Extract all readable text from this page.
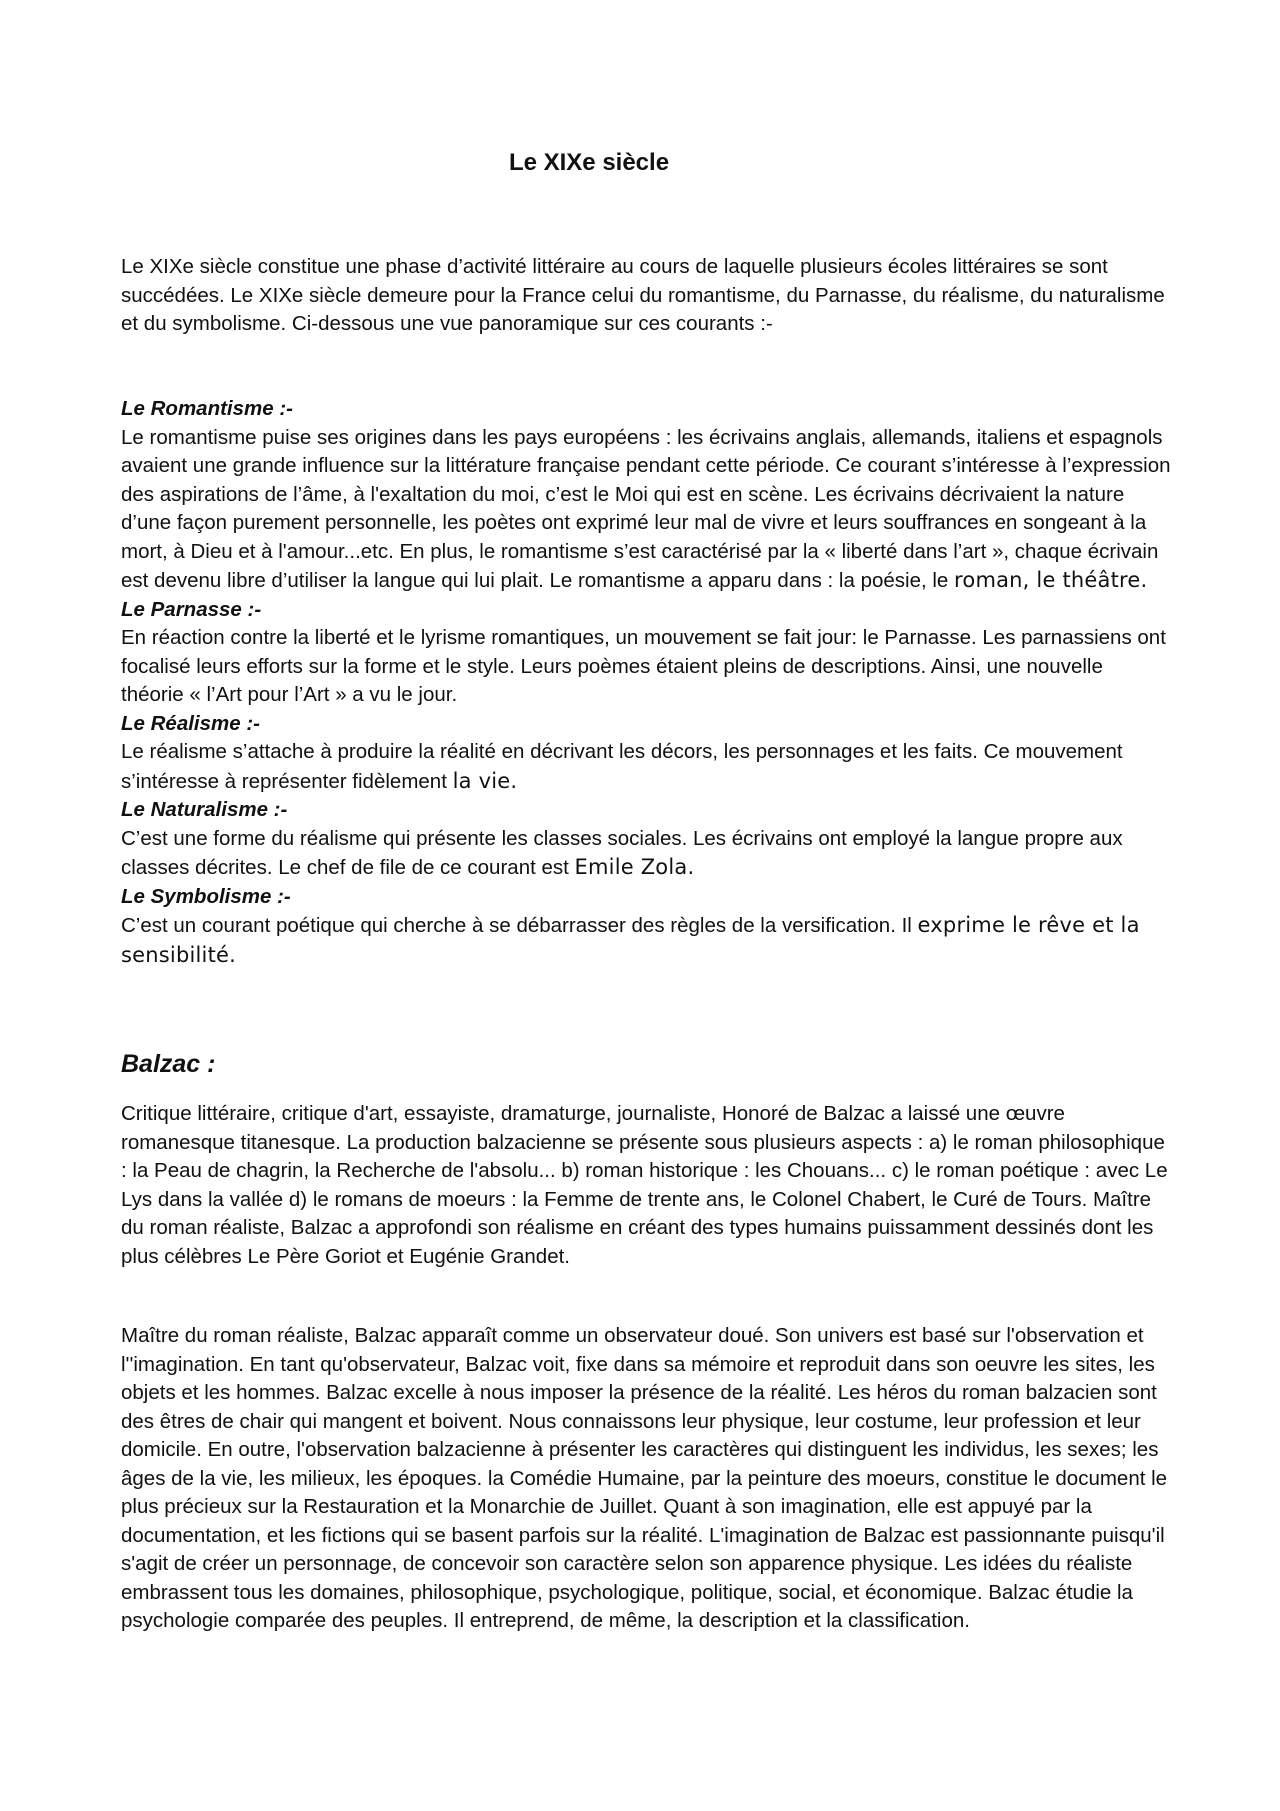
Le XIXe siècle

Le XIXe siècle constitue une phase d’activité littéraire au cours de laquelle plusieurs écoles littéraires se sont succédées. Le XIXe siècle demeure pour la France celui du romantisme, du Parnasse, du réalisme, du naturalisme et du symbolisme. Ci-dessous une vue panoramique sur ces courants :-

Le Romantisme :-
Le romantisme puise ses origines dans les pays européens : les écrivains anglais, allemands, italiens et espagnols avaient une grande influence sur la littérature française pendant cette période. Ce courant s’intéresse à l’expression des aspirations de l’âme, à l'exaltation du moi, c’est le Moi qui est en scène. Les écrivains décrivaient la nature d’une façon purement personnelle, les poètes ont exprimé leur mal de vivre et leurs souffrances en songeant à la mort, à Dieu et à l'amour...etc. En plus, le romantisme s’est caractérisé par la « liberté dans l’art », chaque écrivain est devenu libre d’utiliser la langue qui lui plait. Le romantisme a apparu dans : la poésie, le roman, le théâtre.
Le Parnasse :-
En réaction contre la liberté et le lyrisme romantiques, un mouvement se fait jour: le Parnasse. Les parnassiens ont focalisé leurs efforts sur la forme et le style. Leurs poèmes étaient pleins de descriptions. Ainsi, une nouvelle théorie « l’Art pour l’Art » a vu le jour.
Le Réalisme :-
Le réalisme s’attache à produire la réalité en décrivant les décors, les personnages et les faits. Ce mouvement s’intéresse à représenter fidèlement la vie.
Le Naturalisme :-
C’est une forme du réalisme qui présente les classes sociales. Les écrivains ont employé la langue propre aux classes décrites. Le chef de file de ce courant est Emile Zola.
Le Symbolisme :-
C’est un courant poétique qui cherche à se débarrasser des règles de la versification. Il exprime le rêve et la sensibilité.
Balzac :

Critique littéraire, critique d'art, essayiste, dramaturge, journaliste, Honoré de Balzac a laissé une œuvre romanesque titanesque. La production balzacienne se présente sous plusieurs aspects : a) le roman philosophique : la Peau de chagrin, la Recherche de l'absolu... b) roman historique : les Chouans... c) le roman poétique : avec Le Lys dans la vallée d) le romans de moeurs : la Femme de trente ans, le Colonel Chabert, le Curé de Tours. Maître du roman réaliste, Balzac a approfondi son réalisme en créant des types humains puissamment dessinés dont les plus célèbres Le Père Goriot et Eugénie Grandet.

Maître du roman réaliste, Balzac apparaît comme un observateur doué. Son univers est basé sur l'observation et l''imagination. En tant qu'observateur, Balzac voit, fixe dans sa mémoire et reproduit dans son oeuvre les sites, les objets et les hommes. Balzac excelle à nous imposer la présence de la réalité. Les héros du roman balzacien sont des êtres de chair qui mangent et boivent. Nous connaissons leur physique, leur costume, leur profession et leur domicile. En outre, l'observation balzacienne à présenter les caractères qui distinguent les individus, les sexes; les âges de la vie, les milieux, les époques. la Comédie Humaine, par la peinture des moeurs, constitue le document le plus précieux sur la Restauration et la Monarchie de Juillet. Quant à son imagination, elle est appuyé par la documentation, et les fictions qui se basent parfois sur la réalité. L'imagination de Balzac est passionnante puisqu'il s'agit de créer un personnage, de concevoir son caractère selon son apparence physique. Les idées du réaliste embrassent tous les domaines, philosophique, psychologique, politique, social, et économique. Balzac étudie la psychologie comparée des peuples. Il entreprend, de même, la description et la classification.
